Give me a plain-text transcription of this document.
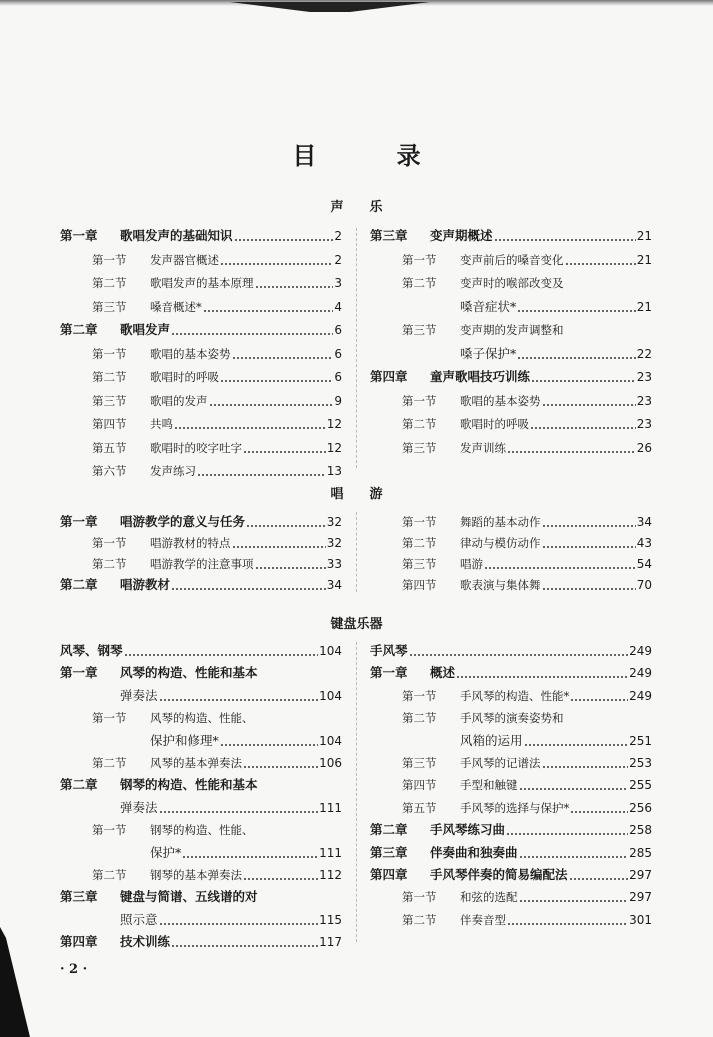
目 录
声　　乐
唱　　游
键盘乐器
第一章 歌唱发声的基础知识	2
第一节 发声器官概述	2
第二节 歌唱发声的基本原理	3
第三节 嗓音概述*	4
第二章 歌唱发声	6
第一节 歌唱的基本姿势	6
第二节 歌唱时的呼吸	6
第三节 歌唱的发声	9
第四节 共鸣	12
第五节 歌唱时的咬字吐字	12
第六节 发声练习	13
第三章 变声期概述	21
第一节 变声前后的嗓音变化	21
第二节 变声时的喉部改变及
嗓音症状*	21
第三节 变声期的发声调整和
嗓子保护*	22
第四章 童声歌唱技巧训练	23
第一节 歌唱的基本姿势	23
第二节 歌唱时的呼吸	23
第三节 发声训练	26
第一章 唱游教学的意义与任务	32
第一节 唱游教材的特点	32
第二节 唱游教学的注意事项	33
第二章 唱游教材	34
第一节 舞蹈的基本动作	34
第二节 律动与模仿动作	43
第三节 唱游	54
第四节 歌表演与集体舞	70
风琴、钢琴	104
第一章 风琴的构造、性能和基本
弹奏法	104
第一节 风琴的构造、性能、
保护和修理*	104
第二节 风琴的基本弹奏法	106
第二章 钢琴的构造、性能和基本
弹奏法	111
第一节 钢琴的构造、性能、
保护*	111
第二节 钢琴的基本弹奏法	112
第三章 键盘与简谱、五线谱的对
照示意	115
第四章 技术训练	117
手风琴	249
第一章 概述	249
第一节 手风琴的构造、性能*	249
第二节 手风琴的演奏姿势和
风箱的运用	251
第三节 手风琴的记谱法	253
第四节 手型和触键	255
第五节 手风琴的选择与保护*	256
第二章 手风琴练习曲	258
第三章 伴奏曲和独奏曲	285
第四章 手风琴伴奏的简易编配法	297
第一节 和弦的选配	297
第二节 伴奏音型	301
· 2 ·
